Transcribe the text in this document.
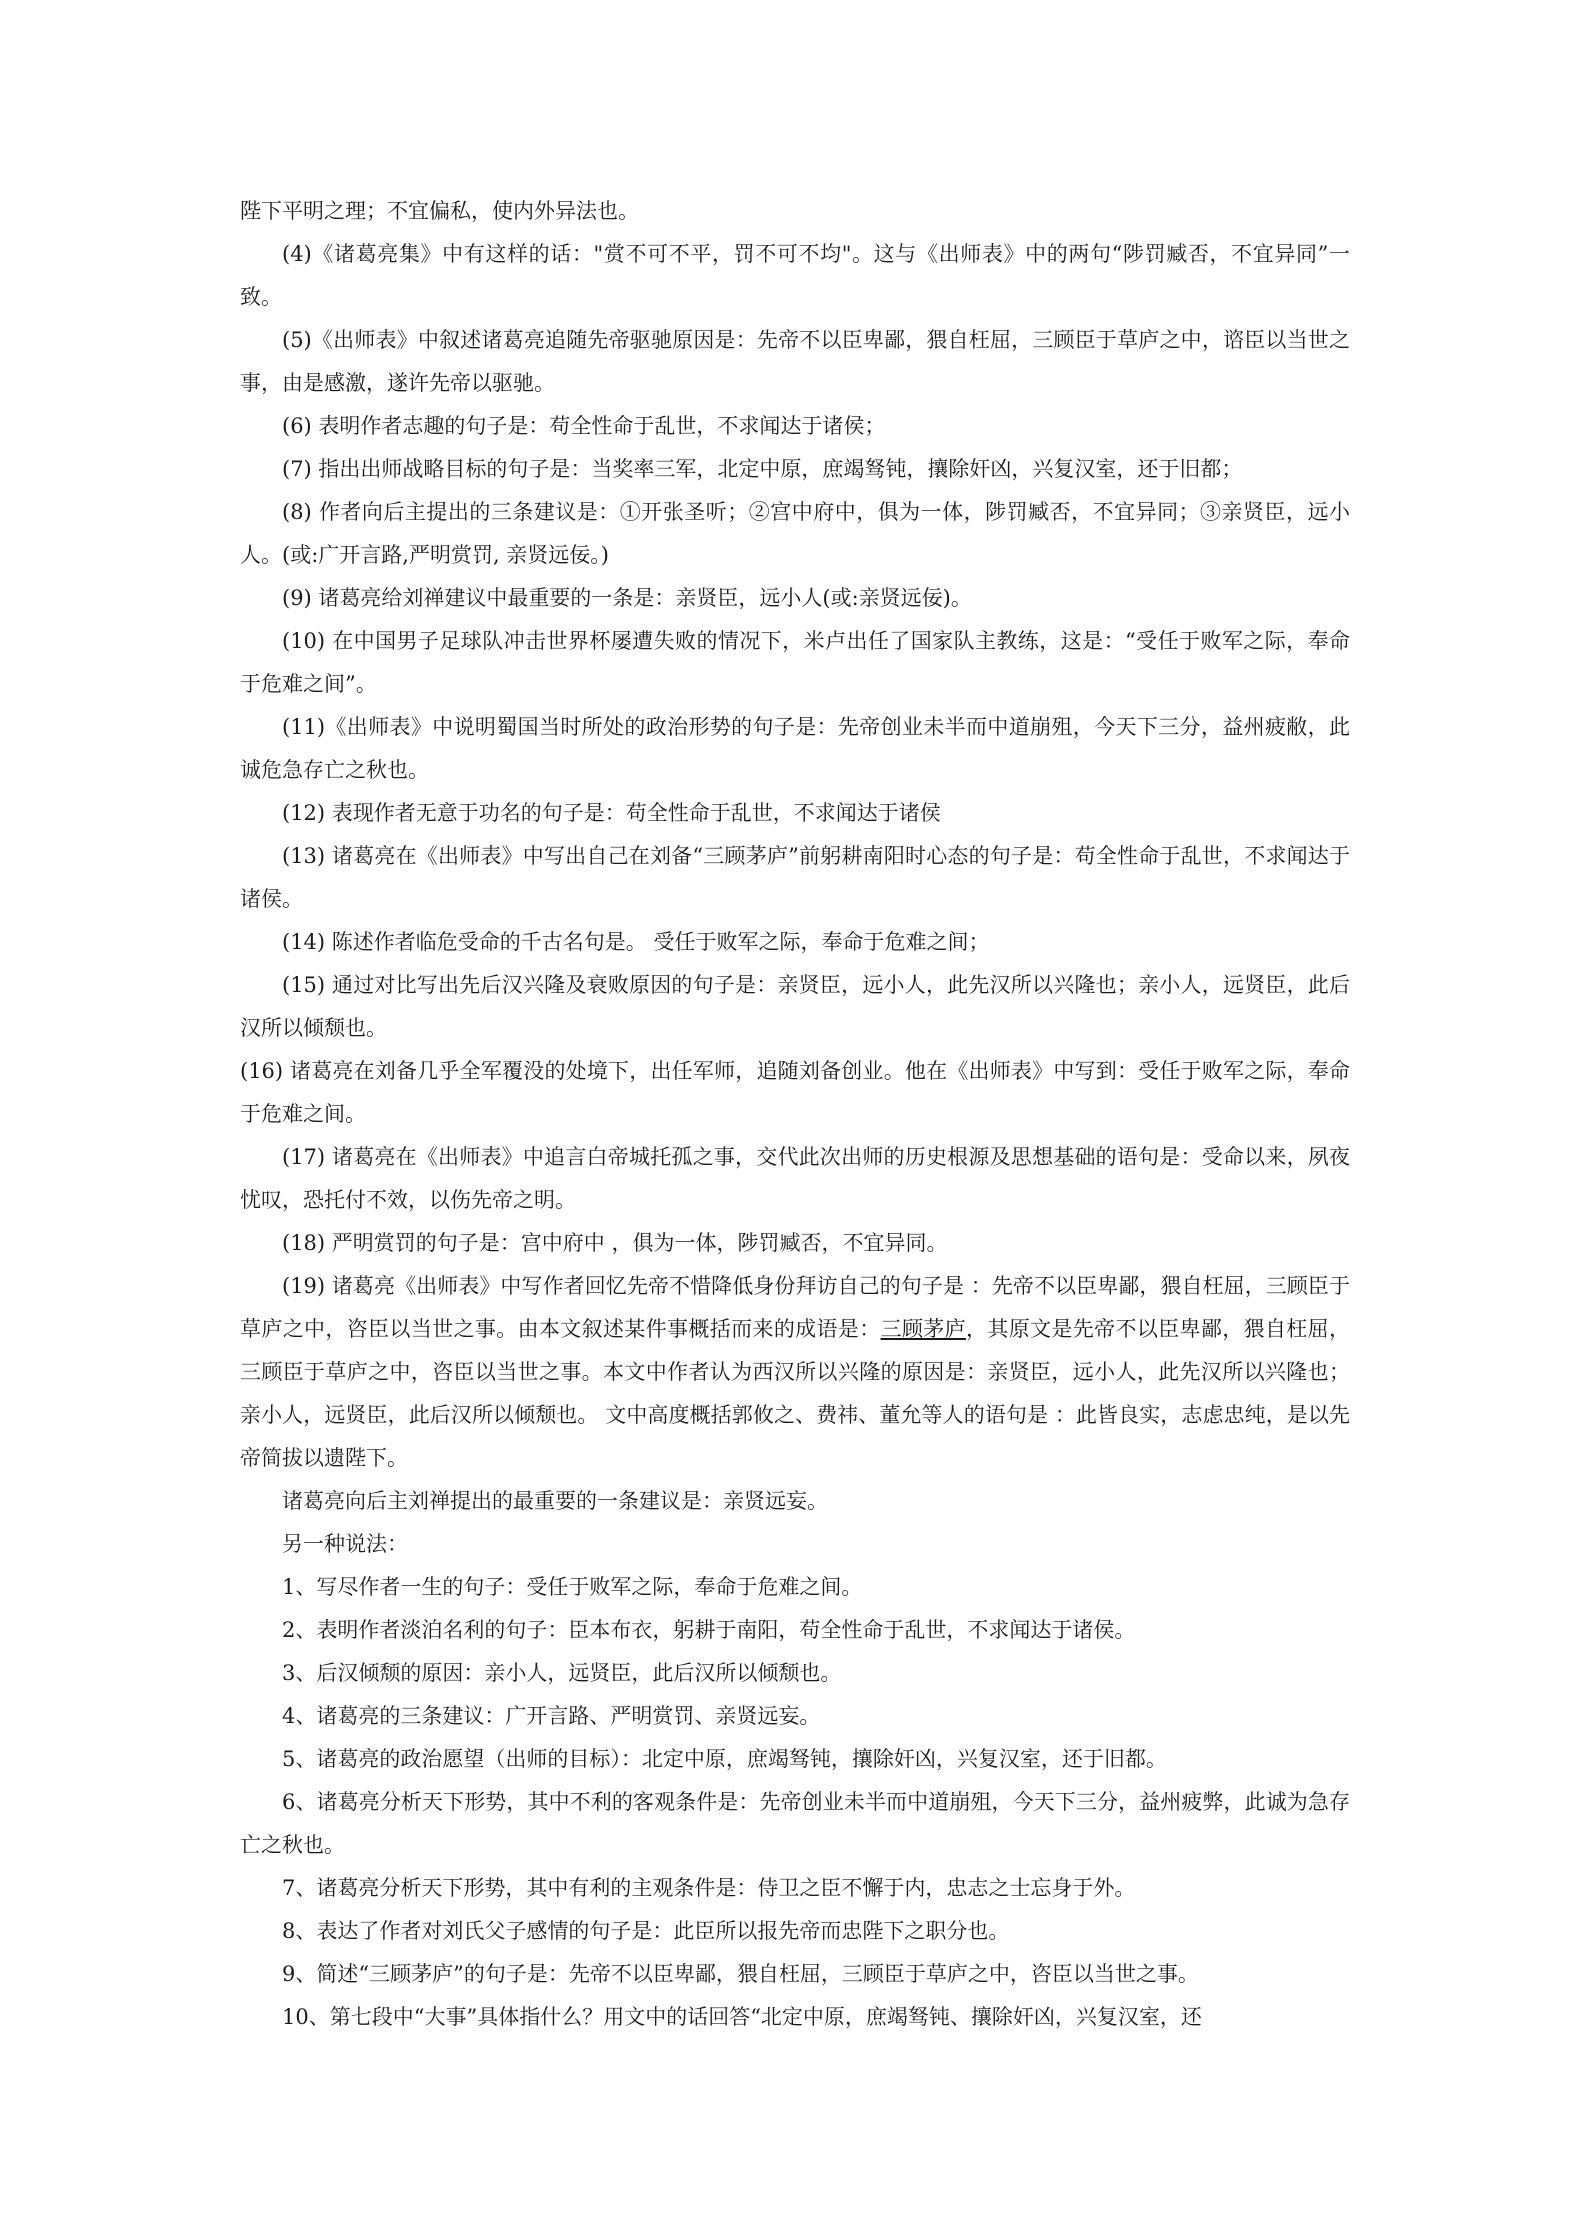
陛下平明之理；不宜偏私，使内外异法也。

(4)《诸葛亮集》中有这样的话："赏不可不平，罚不可不均"。这与《出师表》中的两句“陟罚臧否，不宜异同”一致。

(5)《出师表》中叙述诸葛亮追随先帝驱驰原因是：先帝不以臣卑鄙，猥自枉屈，三顾臣于草庐之中，谘臣以当世之事，由是感激，遂许先帝以驱驰。

(6) 表明作者志趣的句子是：苟全性命于乱世，不求闻达于诸侯；

(7) 指出出师战略目标的句子是：当奖率三军，北定中原，庶竭驽钝，攘除奸凶，兴复汉室，还于旧都；

(8) 作者向后主提出的三条建议是：①开张圣听；②宫中府中，俱为一体，陟罚臧否，不宜异同；③亲贤臣，远小人。(或:广开言路,严明赏罚, 亲贤远佞。)

(9) 诸葛亮给刘禅建议中最重要的一条是：亲贤臣，远小人(或:亲贤远佞)。

(10) 在中国男子足球队冲击世界杯屡遭失败的情况下，米卢出任了国家队主教练，这是：“受任于败军之际，奉命于危难之间”。

(11)《出师表》中说明蜀国当时所处的政治形势的句子是：先帝创业未半而中道崩殂，今天下三分，益州疲敝，此诚危急存亡之秋也。

(12) 表现作者无意于功名的句子是：苟全性命于乱世，不求闻达于诸侯

(13) 诸葛亮在《出师表》中写出自己在刘备“三顾茅庐”前躬耕南阳时心态的句子是：苟全性命于乱世，不求闻达于诸侯。

(14) 陈述作者临危受命的千古名句是。 受任于败军之际，奉命于危难之间；

(15) 通过对比写出先后汉兴隆及衰败原因的句子是：亲贤臣，远小人，此先汉所以兴隆也；亲小人，远贤臣，此后汉所以倾颓也。

(16) 诸葛亮在刘备几乎全军覆没的处境下，出任军师，追随刘备创业。他在《出师表》中写到：受任于败军之际，奉命于危难之间。

(17) 诸葛亮在《出师表》中追言白帝城托孤之事，交代此次出师的历史根源及思想基础的语句是：受命以来，夙夜忧叹，恐托付不效，以伤先帝之明。

(18) 严明赏罚的句子是：宫中府中 ，俱为一体，陟罚臧否，不宜异同。

(19) 诸葛亮《出师表》中写作者回忆先帝不惜降低身份拜访自己的句子是 ：先帝不以臣卑鄙，猥自枉屈，三顾臣于草庐之中，咨臣以当世之事。由本文叙述某件事概括而来的成语是：三顾茅庐，其原文是先帝不以臣卑鄙，猥自枉屈，三顾臣于草庐之中，咨臣以当世之事。本文中作者认为西汉所以兴隆的原因是：亲贤臣，远小人，此先汉所以兴隆也；亲小人，远贤臣，此后汉所以倾颓也。 文中高度概括郭攸之、费祎、董允等人的语句是 ：此皆良实，志虑忠纯，是以先帝简拔以遗陛下。

诸葛亮向后主刘禅提出的最重要的一条建议是：亲贤远妄。

另一种说法：

1、写尽作者一生的句子：受任于败军之际，奉命于危难之间。

2、表明作者淡泊名利的句子：臣本布衣，躬耕于南阳，苟全性命于乱世，不求闻达于诸侯。

3、后汉倾颓的原因：亲小人，远贤臣，此后汉所以倾颓也。

4、诸葛亮的三条建议：广开言路、严明赏罚、亲贤远妄。

5、诸葛亮的政治愿望（出师的目标）：北定中原，庶竭驽钝，攘除奸凶，兴复汉室，还于旧都。

6、诸葛亮分析天下形势，其中不利的客观条件是：先帝创业未半而中道崩殂，今天下三分，益州疲弊，此诚为急存亡之秋也。

7、诸葛亮分析天下形势，其中有利的主观条件是：侍卫之臣不懈于内，忠志之士忘身于外。

8、表达了作者对刘氏父子感情的句子是：此臣所以报先帝而忠陛下之职分也。

9、简述“三顾茅庐”的句子是：先帝不以臣卑鄙，猥自枉屈，三顾臣于草庐之中，咨臣以当世之事。

10、第七段中“大事”具体指什么？用文中的话回答“北定中原，庶竭驽钝、攘除奸凶，兴复汉室，还
